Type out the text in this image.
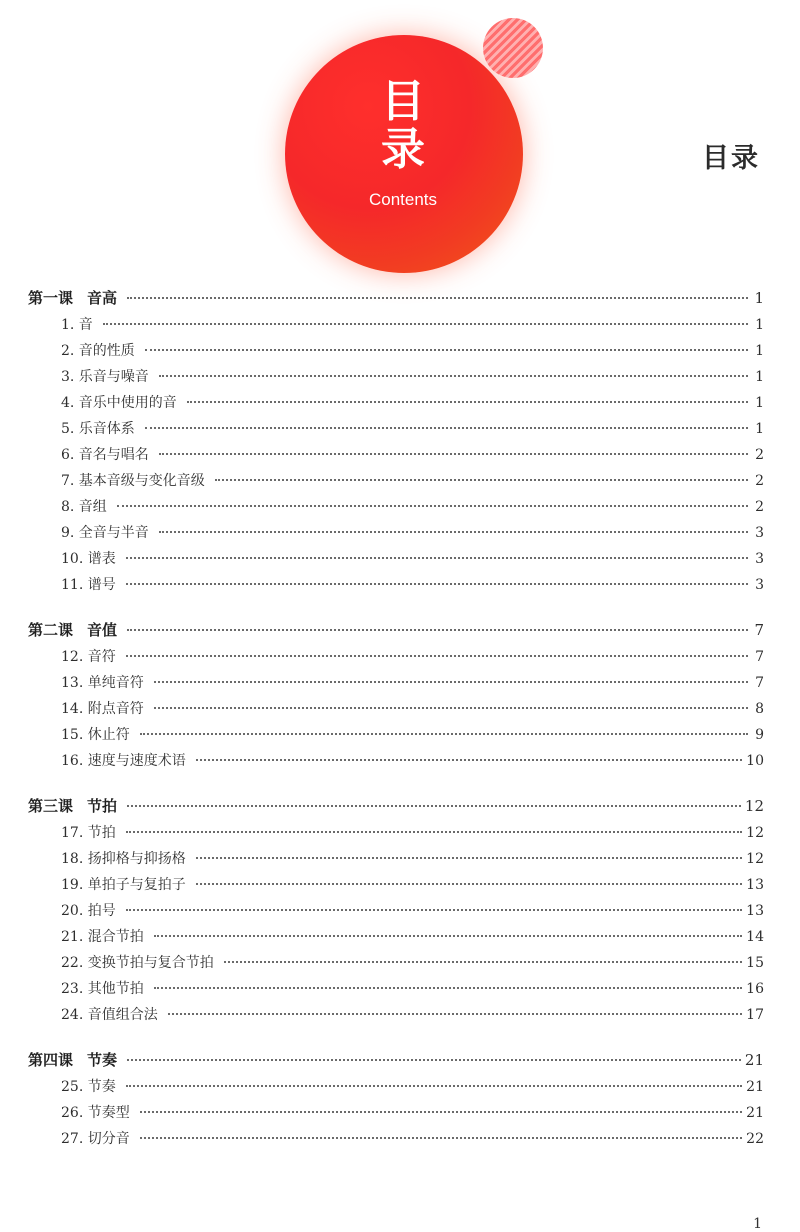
目
录
Contents
目录
第一课 音高	1
1. 音	1
2. 音的性质	1
3. 乐音与噪音	1
4. 音乐中使用的音	1
5. 乐音体系	1
6. 音名与唱名	2
7. 基本音级与变化音级	2
8. 音组	2
9. 全音与半音	3
10. 谱表	3
11. 谱号	3
第二课 音值	7
12. 音符	7
13. 单纯音符	7
14. 附点音符	8
15. 休止符	9
16. 速度与速度术语	10
第三课 节拍	12
17. 节拍	12
18. 扬抑格与抑扬格	12
19. 单拍子与复拍子	13
20. 拍号	13
21. 混合节拍	14
22. 变换节拍与复合节拍	15
23. 其他节拍	16
24. 音值组合法	17
第四课 节奏	21
25. 节奏	21
26. 节奏型	21
27. 切分音	22
1
